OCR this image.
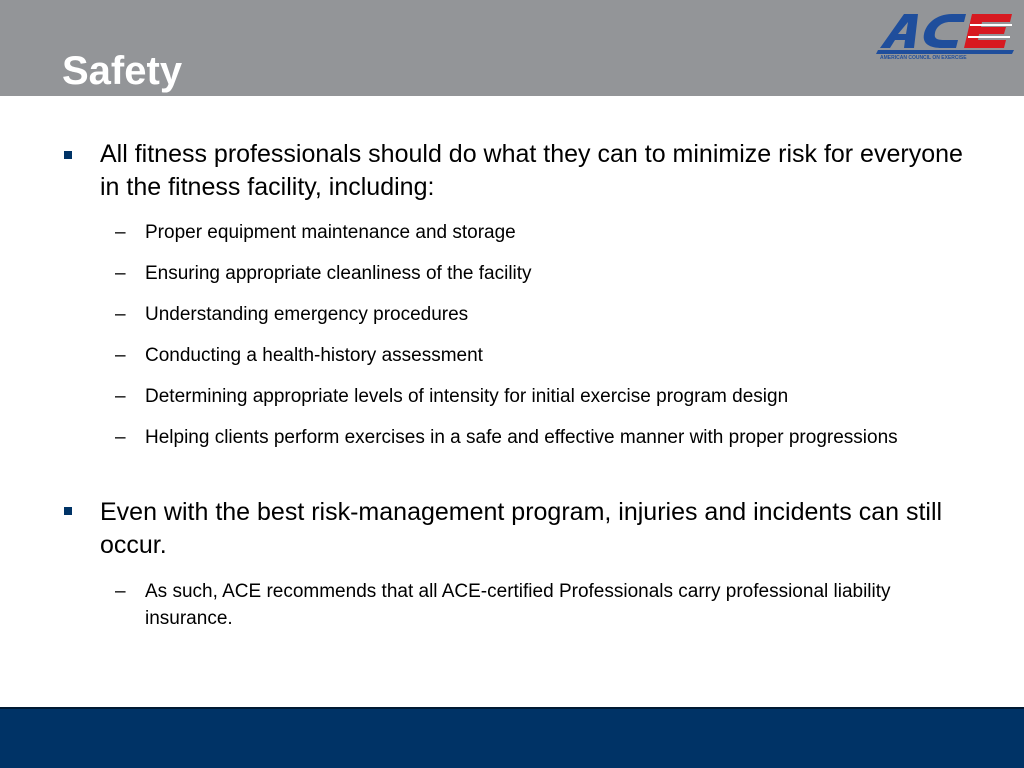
Safety	AMERICAN COUNCIL ON EXERCISE

All fitness professionals should do what they can to minimize risk for everyone in the fitness facility, including:

– Proper equipment maintenance and storage

– Ensuring appropriate cleanliness of the facility

– Understanding emergency procedures

– Conducting a health-history assessment

– Determining appropriate levels of intensity for initial exercise program design

– Helping clients perform exercises in a safe and effective manner with proper progressions

Even with the best risk-management program, injuries and incidents can still occur.

– As such, ACE recommends that all ACE-certified Professionals carry professional liability insurance.
